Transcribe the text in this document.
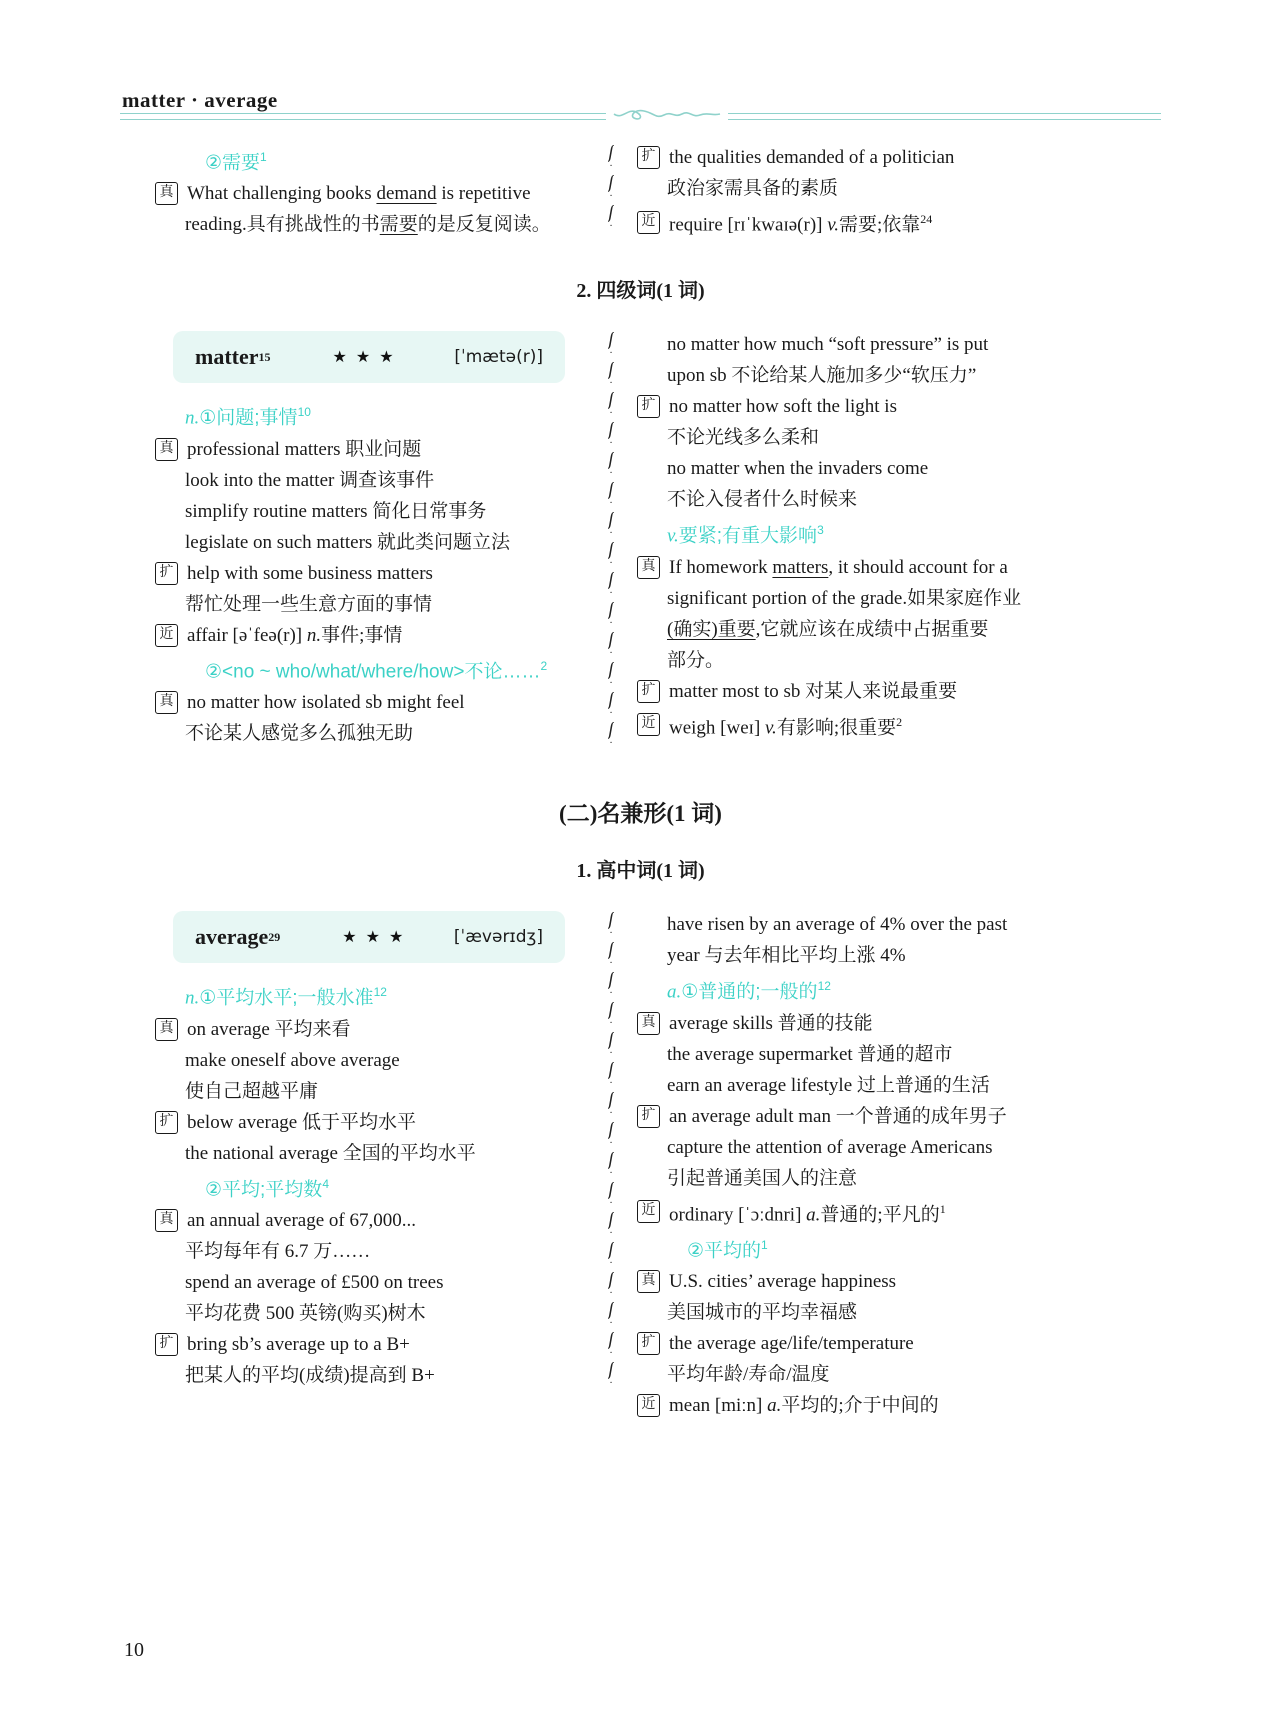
matter · average
②需要$^1$
真 What challenging books demand is repetitive
reading.具有挑战性的书需要的是反复阅读。
ʃ
·
ʃ
·
ʃ
·
扩 the qualities demanded of a politician
政治家需具备的素质
近 require [rɪˈkwaɪə(r)] v.需要;依靠$^{24}$
2. 四级词(1 词)
matter 15	★★★	[ˈmætə(r)]
n.①问题;事情$^{10}$
真 professional matters 职业问题
look into the matter 调查该事件
simplify routine matters 简化日常事务
legislate on such matters 就此类问题立法
扩 help with some business matters
帮忙处理一些生意方面的事情
近 affair [əˈfeə(r)] n.事件;事情
②<no ~ who/what/where/how>不论……$^2$
真 no matter how isolated sb might feel
不论某人感觉多么孤独无助
ʃ
·
ʃ
·
ʃ
·
ʃ
·
ʃ
·
ʃ
·
ʃ
·
ʃ
·
ʃ
·
ʃ
·
ʃ
·
ʃ
·
ʃ
·
ʃ
·
no matter how much “soft pressure” is put
upon sb 不论给某人施加多少“软压力”
扩 no matter how soft the light is
不论光线多么柔和
no matter when the invaders come
不论入侵者什么时候来
v.要紧;有重大影响$^3$
真 If homework matters, it should account for a
significant portion of the grade.如果家庭作业
(确实)重要,它就应该在成绩中占据重要
部分。
扩 matter most to sb 对某人来说最重要
近 weigh [weɪ] v.有影响;很重要$^2$
(二)名兼形(1 词)
1. 高中词(1 词)
average 29	★★★ [ˈævərɪdʒ]
n.①平均水平;一般水准$^{12}$
真 on average 平均来看
make oneself above average
使自己超越平庸
扩 below average 低于平均水平
the national average 全国的平均水平
②平均;平均数$^4$
真 an annual average of 67,000...
平均每年有 6.7 万……
spend an average of £500 on trees
平均花费 500 英镑(购买)树木
扩 bring sb’s average up to a B+
把某人的平均(成绩)提高到 B+
ʃ
·
ʃ
·
ʃ
·
ʃ
·
ʃ
·
ʃ
·
ʃ
·
ʃ
·
ʃ
·
ʃ
·
ʃ
·
ʃ
·
ʃ
·
ʃ
·
ʃ
·
ʃ
·
have risen by an average of 4% over the past
year 与去年相比平均上涨 4%
a.①普通的;一般的$^{12}$
真 average skills 普通的技能
the average supermarket 普通的超市
earn an average lifestyle 过上普通的生活
扩 an average adult man 一个普通的成年男子
capture the attention of average Americans
引起普通美国人的注意
近 ordinary [ˈɔːdnri] a.普通的;平凡的$^1$
②平均的$^1$
真 U.S. cities’ average happiness
美国城市的平均幸福感
扩 the average age/life/temperature
平均年龄/寿命/温度
近 mean [miːn] a.平均的;介于中间的
10
